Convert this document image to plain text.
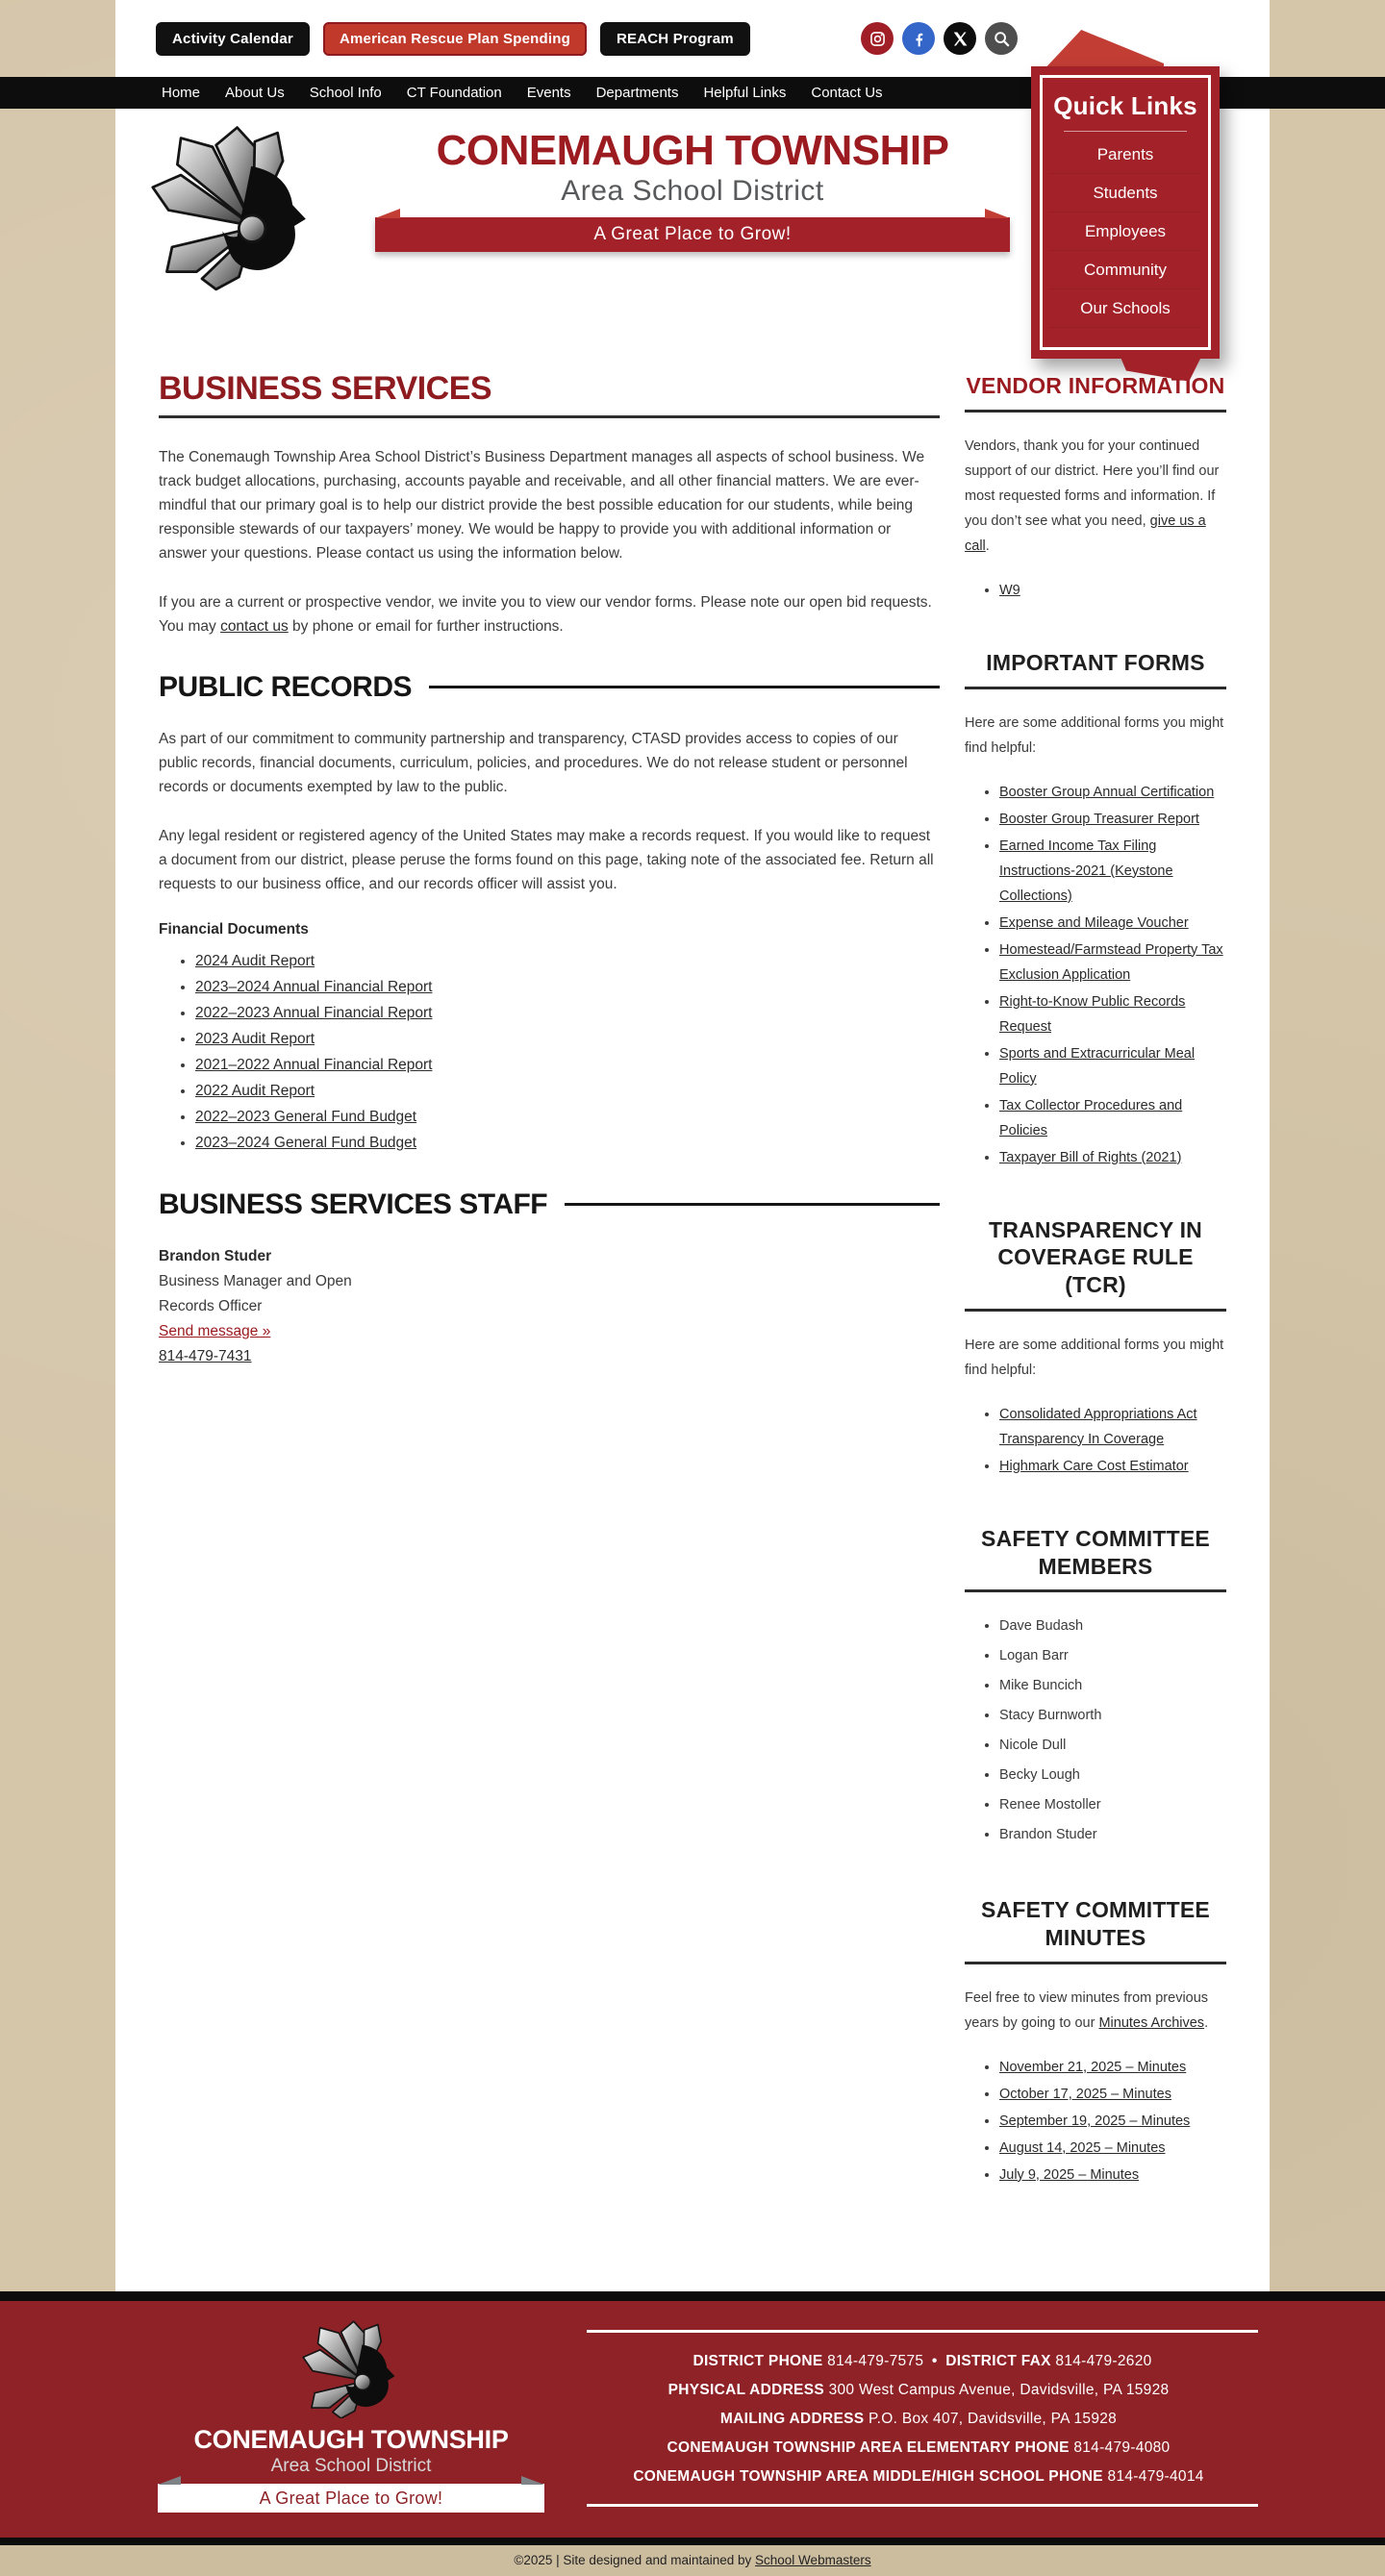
Activity Calendar	American Rescue Plan Spending	REACH Program
Home	About Us	School Info	CT Foundation	Events	Departments	Helpful Links	Contact Us	Quick Links
Parents
Students
Employees
Community
Our Schools
CONEMAUGH TOWNSHIP
Area School District
A Great Place to Grow!
BUSINESS SERVICES

The Conemaugh Township Area School District’s Business Department manages all aspects of school business. We track budget allocations, purchasing, accounts payable and receivable, and all other financial matters. We are ever-mindful that our primary goal is to help our district provide the best possible education for our students, while being responsible stewards of our taxpayers’ money. We would be happy to provide you with additional information or answer your questions. Please contact us using the information below.

If you are a current or prospective vendor, we invite you to view our vendor forms. Please note our open bid requests. You may contact us by phone or email for further instructions.

PUBLIC RECORDS

As part of our commitment to community partnership and transparency, CTASD provides access to copies of our public records, financial documents, curriculum, policies, and procedures. We do not release student or personnel records or documents exempted by law to the public.

Any legal resident or registered agency of the United States may make a records request. If you would like to request a document from our district, please peruse the forms found on this page, taking note of the associated fee. Return all requests to our business office, and our records officer will assist you.

Financial Documents
• 2024 Audit Report
• 2023–2024 Annual Financial Report
• 2022–2023 Annual Financial Report
• 2023 Audit Report
• 2021–2022 Annual Financial Report
• 2022 Audit Report
• 2022–2023 General Fund Budget
• 2023–2024 General Fund Budget
BUSINESS SERVICES STAFF
Brandon Studer
Business Manager and Open
Records Officer
Send message »
814-479-7431
VENDOR INFORMATION

Vendors, thank you for your continued support of our district. Here you’ll find our most requested forms and information. If you don’t see what you need, give us a call.

• W9
IMPORTANT FORMS

Here are some additional forms you might find helpful:

• Booster Group Annual Certification
• Booster Group Treasurer Report
• Earned Income Tax Filing Instructions-2021 (Keystone Collections)
• Expense and Mileage Voucher
• Homestead/Farmstead Property Tax Exclusion Application
• Right-to-Know Public Records Request
• Sports and Extracurricular Meal Policy
• Tax Collector Procedures and Policies
• Taxpayer Bill of Rights (2021)
TRANSPARENCY IN COVERAGE RULE (TCR)

Here are some additional forms you might find helpful:

• Consolidated Appropriations Act Transparency In Coverage
• Highmark Care Cost Estimator
SAFETY COMMITTEE MEMBERS
• Dave Budash
• Logan Barr
• Mike Buncich
• Stacy Burnworth
• Nicole Dull
• Becky Lough
• Renee Mostoller
• Brandon Studer
SAFETY COMMITTEE MINUTES

Feel free to view minutes from previous years by going to our Minutes Archives.

• November 21, 2025 – Minutes
• October 17, 2025 – Minutes
• September 19, 2025 – Minutes
• August 14, 2025 – Minutes
• July 9, 2025 – Minutes
CONEMAUGH TOWNSHIP
Area School District
A Great Place to Grow!
DISTRICT PHONE 814-479-7575 • DISTRICT FAX 814-479-2620
PHYSICAL ADDRESS 300 West Campus Avenue, Davidsville, PA 15928
MAILING ADDRESS P.O. Box 407, Davidsville, PA 15928
CONEMAUGH TOWNSHIP AREA ELEMENTARY PHONE 814-479-4080
CONEMAUGH TOWNSHIP AREA MIDDLE/HIGH SCHOOL PHONE 814-479-4014
©2025 | Site designed and maintained by School Webmasters
